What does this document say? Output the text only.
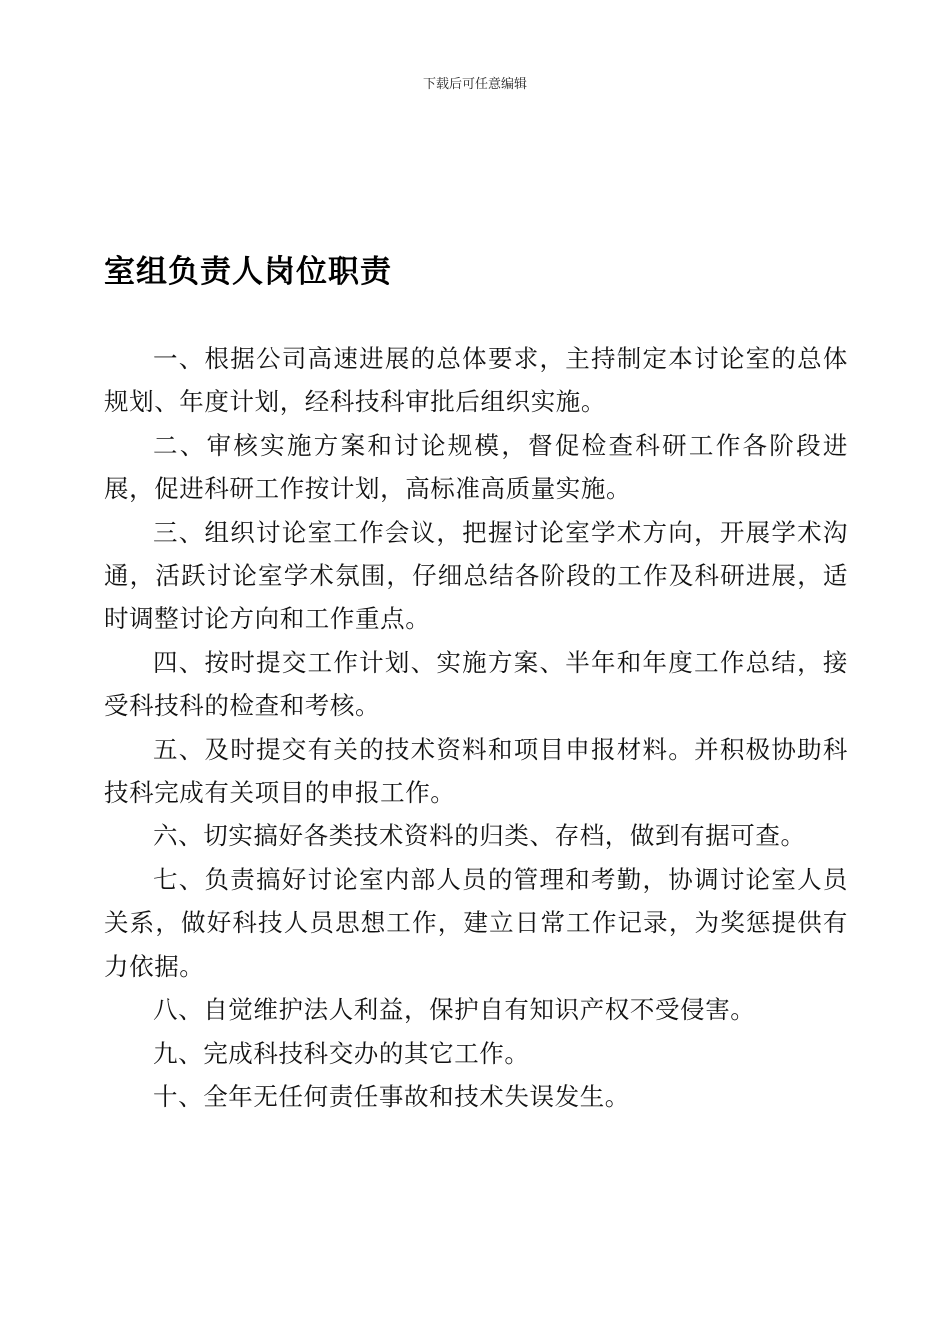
下载后可任意编辑
室组负责人岗位职责

一、根据公司高速进展的总体要求，主持制定本讨论室的总体规划、年度计划，经科技科审批后组织实施。

二、审核实施方案和讨论规模，督促检查科研工作各阶段进展，促进科研工作按计划，高标准高质量实施。

三、组织讨论室工作会议，把握讨论室学术方向，开展学术沟通，活跃讨论室学术氛围，仔细总结各阶段的工作及科研进展，适时调整讨论方向和工作重点。

四、按时提交工作计划、实施方案、半年和年度工作总结，接受科技科的检查和考核。

五、及时提交有关的技术资料和项目申报材料。并积极协助科技科完成有关项目的申报工作。

六、切实搞好各类技术资料的归类、存档，做到有据可查。

七、负责搞好讨论室内部人员的管理和考勤，协调讨论室人员关系，做好科技人员思想工作，建立日常工作记录，为奖惩提供有力依据。

八、自觉维护法人利益，保护自有知识产权不受侵害。

九、完成科技科交办的其它工作。

十、全年无任何责任事故和技术失误发生。
